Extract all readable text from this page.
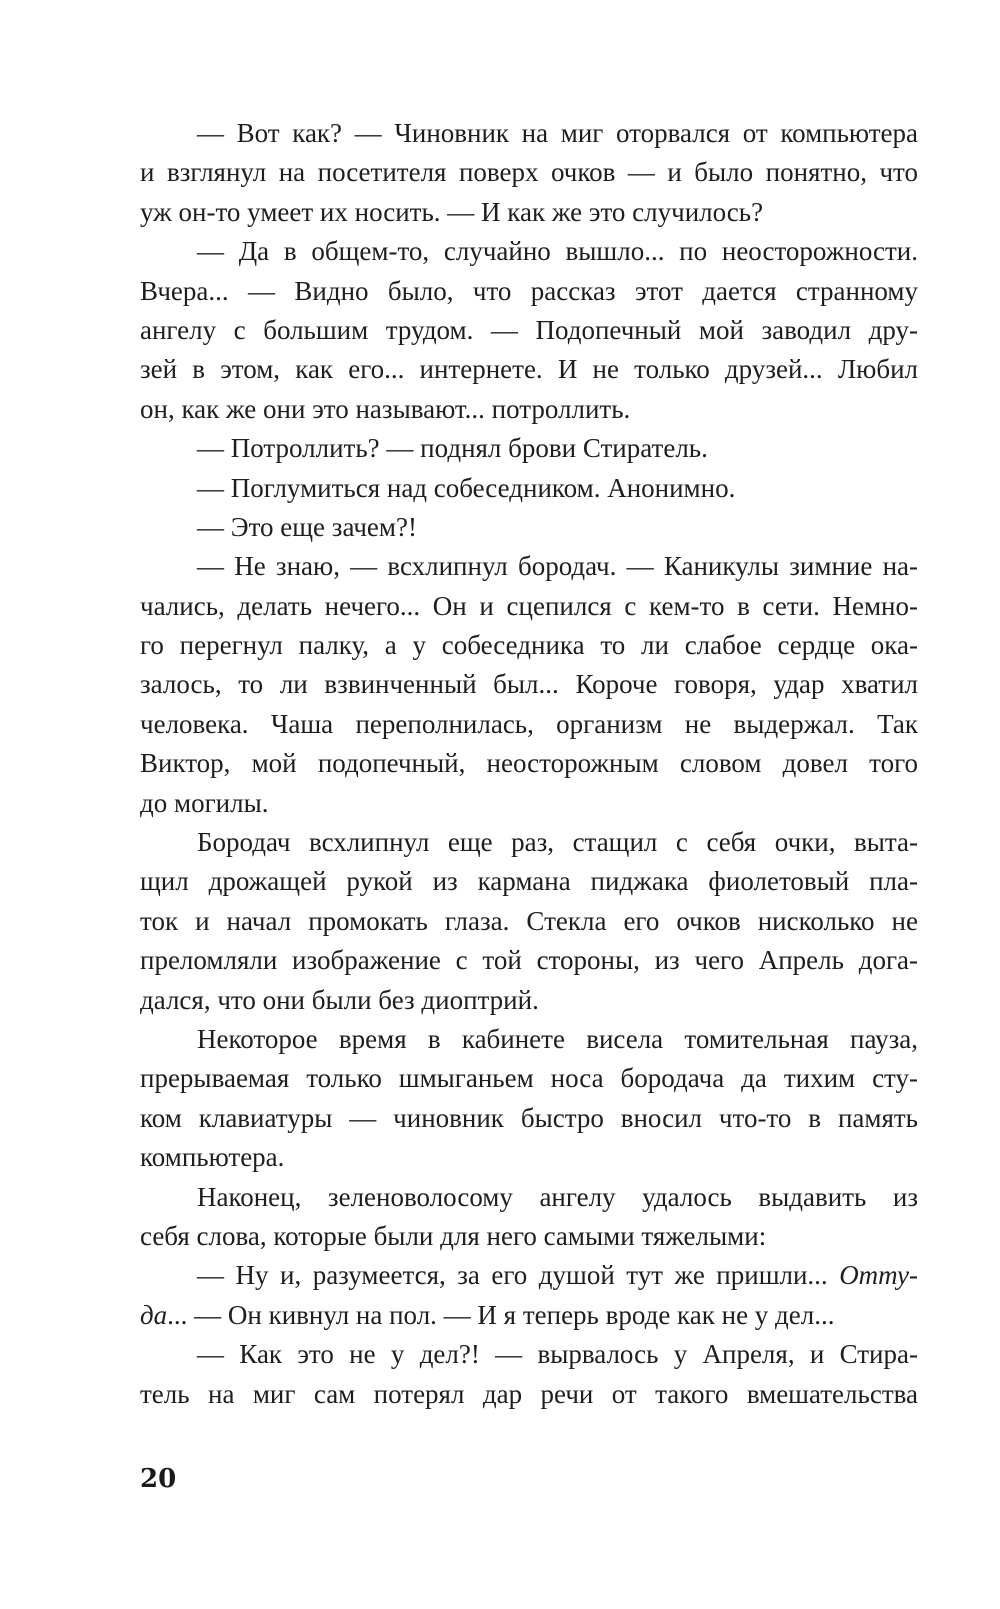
— Вот как? — Чиновник на миг оторвался от компьютера
и взглянул на посетителя поверх очков — и было понятно, что
уж он-то умеет их носить. — И как же это случилось?
— Да в общем-то, случайно вышло... по неосторожности.
Вчера... — Видно было, что рассказ этот дается странному
ангелу с большим трудом. — Подопечный мой заводил дру-
зей в этом, как его... интернете. И не только друзей... Любил
он, как же они это называют... потроллить.
— Потроллить? — поднял брови Стиратель.
— Поглумиться над собеседником. Анонимно.
— Это еще зачем?!
— Не знаю, — всхлипнул бородач. — Каникулы зимние на-
чались, делать нечего... Он и сцепился с кем-то в сети. Немно-
го перегнул палку, а у собеседника то ли слабое сердце ока-
залось, то ли взвинченный был... Короче говоря, удар хватил
человека. Чаша переполнилась, организм не выдержал. Так
Виктор, мой подопечный, неосторожным словом довел того
до могилы.
Бородач всхлипнул еще раз, стащил с себя очки, выта-
щил дрожащей рукой из кармана пиджака фиолетовый пла-
ток и начал промокать глаза. Стекла его очков нисколько не
преломляли изображение с той стороны, из чего Апрель дога-
дался, что они были без диоптрий.
Некоторое время в кабинете висела томительная пауза,
прерываемая только шмыганьем носа бородача да тихим сту-
ком клавиатуры — чиновник быстро вносил что-то в память
компьютера.
Наконец, зеленоволосому ангелу удалось выдавить из
себя слова, которые были для него самыми тяжелыми:
— Ну и, разумеется, за его душой тут же пришли... Отту-
да... — Он кивнул на пол. — И я теперь вроде как не у дел...
— Как это не у дел?! — вырвалось у Апреля, и Стира-
тель на миг сам потерял дар речи от такого вмешательства
20
